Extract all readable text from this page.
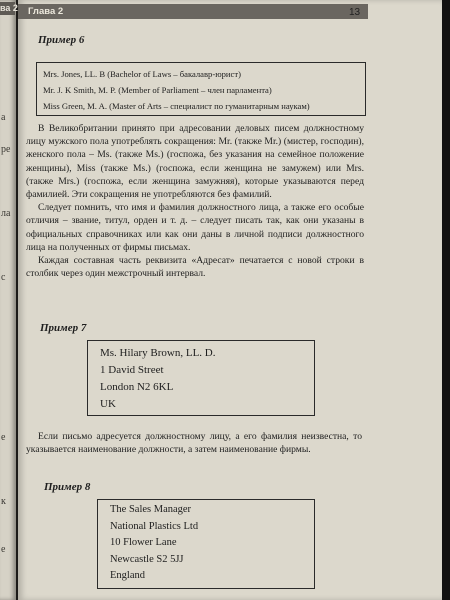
ва 2
а
ре
ла
с
е
к
е
Глава 2	13
Пример 6
Mrs. Jones, LL. B (Bachelor of Laws – бакалавр-юрист)
Mr. J. K Smith, M. P. (Member of Parliament – член парламента)
Miss Green, M. A. (Master of Arts – специалист по гуманитарным наукам)

В Великобритании принято при адресовании деловых писем должностному лицу мужского пола употреблять сокращения: Mr. (также Mr.) (мистер, господин), женского пола – Ms. (также Ms.) (госпожа, без указания на семейное положение женщины), Miss (также Ms.) (госпожа, если женщина не замужем) или Mrs. (также Mrs.) (госпожа, если женщина замужняя), которые указываются перед фамилией. Эти сокращения не употребляются без фамилий.

Следует помнить, что имя и фамилия должностного лица, а также его особые отличия – звание, титул, орден и т. д. – следует писать так, как они указаны в официальных справочниках или как они даны в личной подписи должностного лица на полученных от фирмы письмах.

Каждая составная часть реквизита «Адресат» печатается с новой строки в столбик через один межстрочный интервал.

Пример 7
Ms. Hilary Brown, LL. D.
1 David Street
London N2 6KL
UK

Если письмо адресуется должностному лицу, а его фамилия неизвестна, то указывается наименование должности, а затем наименование фирмы.

Пример 8
The Sales Manager
National Plastics Ltd
10 Flower Lane
Newcastle S2 5JJ
England
